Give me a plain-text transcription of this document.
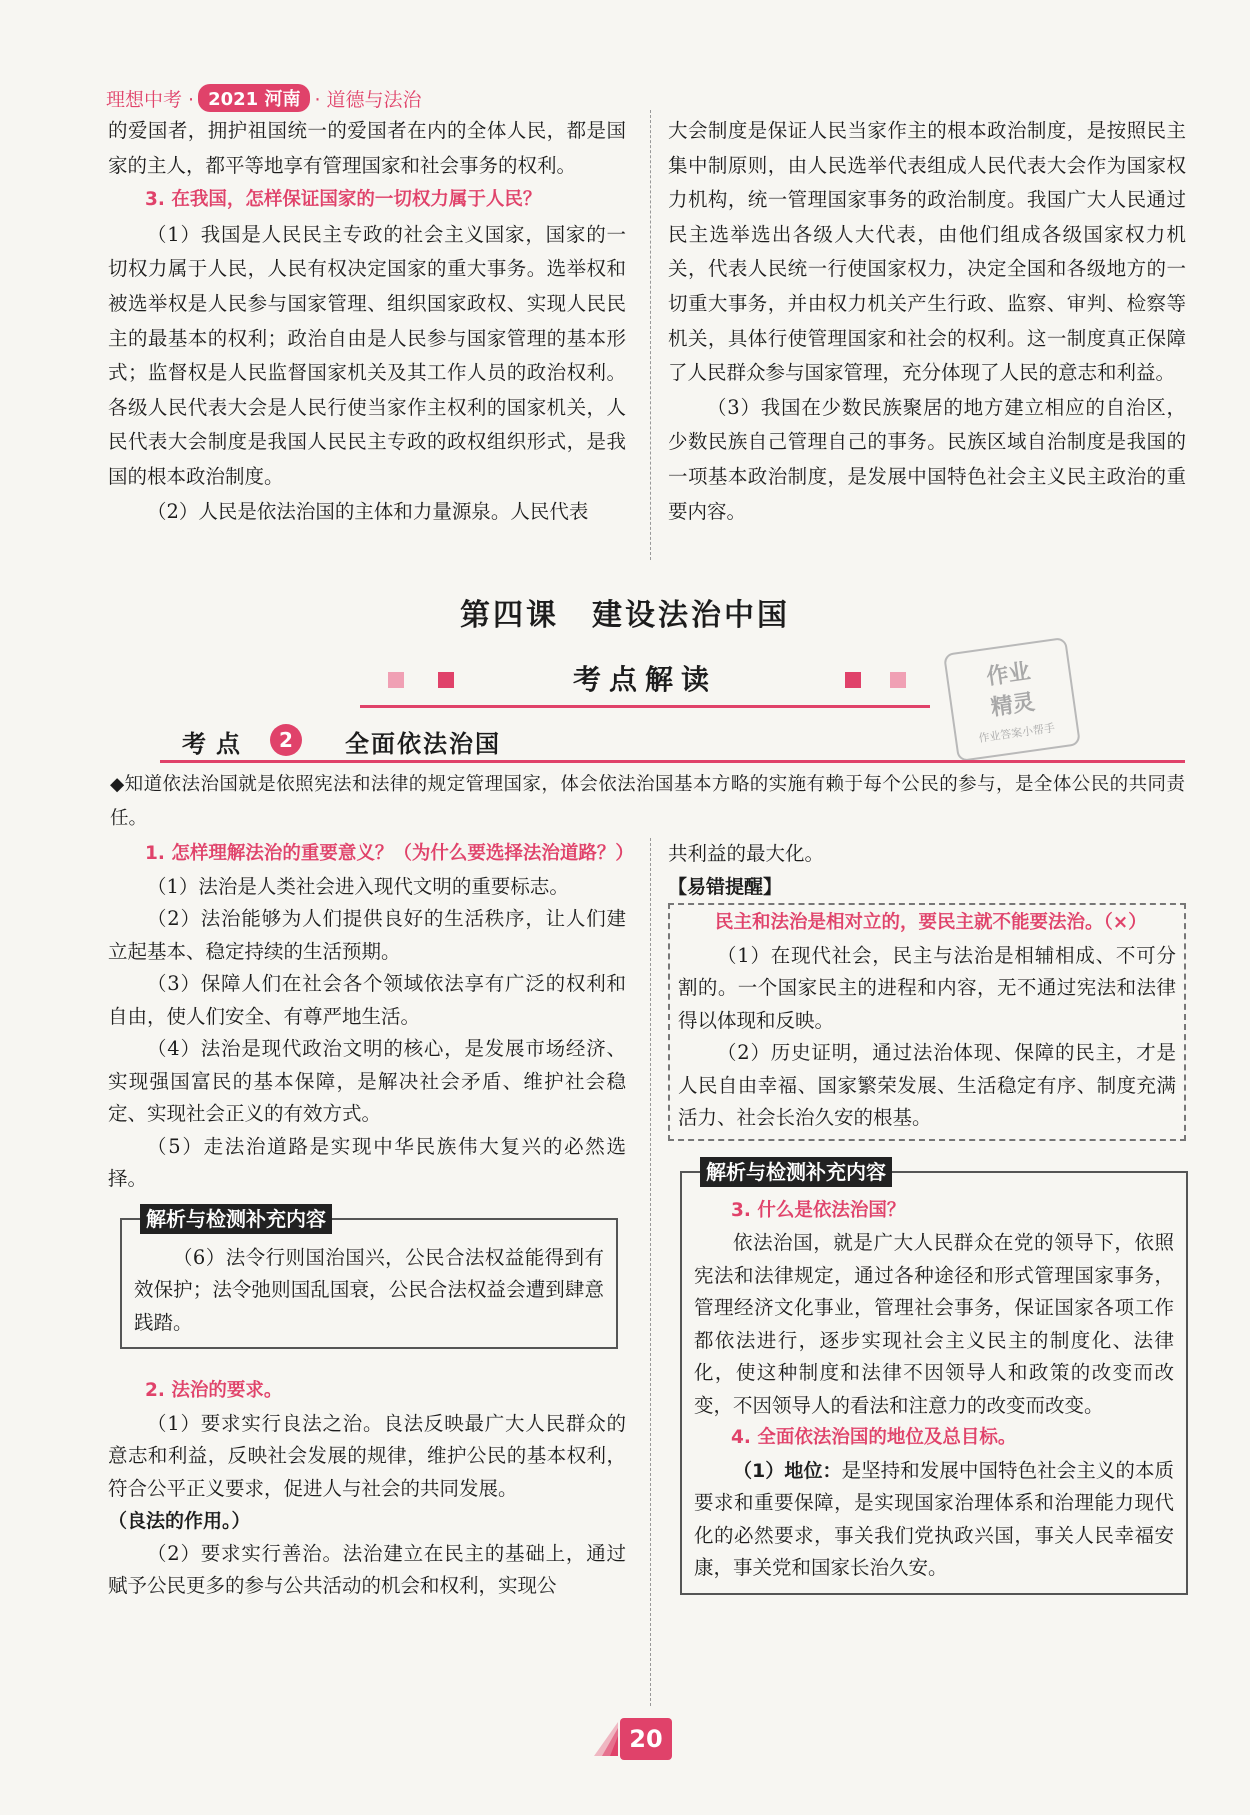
理想中考 · 2021 河南 · 道德与法治

的爱国者，拥护祖国统一的爱国者在内的全体人民，都是国家的主人，都平等地享有管理国家和社会事务的权利。

3. 在我国，怎样保证国家的一切权力属于人民？

（1）我国是人民民主专政的社会主义国家，国家的一切权力属于人民，人民有权决定国家的重大事务。选举权和被选举权是人民参与国家管理、组织国家政权、实现人民民主的最基本的权利；政治自由是人民参与国家管理的基本形式；监督权是人民监督国家机关及其工作人员的政治权利。各级人民代表大会是人民行使当家作主权利的国家机关，人民代表大会制度是我国人民民主专政的政权组织形式，是我国的根本政治制度。

（2）人民是依法治国的主体和力量源泉。人民代表

大会制度是保证人民当家作主的根本政治制度，是按照民主集中制原则，由人民选举代表组成人民代表大会作为国家权力机构，统一管理国家事务的政治制度。我国广大人民通过民主选举选出各级人大代表，由他们组成各级国家权力机关，代表人民统一行使国家权力，决定全国和各级地方的一切重大事务，并由权力机关产生行政、监察、审判、检察等机关，具体行使管理国家和社会的权利。这一制度真正保障了人民群众参与国家管理，充分体现了人民的意志和利益。

（3）我国在少数民族聚居的地方建立相应的自治区，少数民族自己管理自己的事务。民族区域自治制度是我国的一项基本政治制度，是发展中国特色社会主义民主政治的重要内容。

第四课　建设法治中国
考点解读	作业
精灵
作业答案小帮手
考点	2	全面依法治国
◆知道依法治国就是依照宪法和法律的规定管理国家，体会依法治国基本方略的实施有赖于每个公民的参与，是全体公民的共同责任。

1. 怎样理解法治的重要意义？（为什么要选择法治道路？）

（1）法治是人类社会进入现代文明的重要标志。

（2）法治能够为人们提供良好的生活秩序，让人们建立起基本、稳定持续的生活预期。

（3）保障人们在社会各个领域依法享有广泛的权利和自由，使人们安全、有尊严地生活。

（4）法治是现代政治文明的核心，是发展市场经济、实现强国富民的基本保障，是解决社会矛盾、维护社会稳定、实现社会正义的有效方式。

（5）走法治道路是实现中华民族伟大复兴的必然选择。

解析与检测补充内容

（6）法令行则国治国兴，公民合法权益能得到有效保护；法令弛则国乱国衰，公民合法权益会遭到肆意践踏。

2. 法治的要求。

（1）要求实行良法之治。良法反映最广大人民群众的意志和利益，反映社会发展的规律，维护公民的基本权利，符合公平正义要求，促进人与社会的共同发展。

（良法的作用。）

（2）要求实行善治。法治建立在民主的基础上，通过赋予公民更多的参与公共活动的机会和权利，实现公

共利益的最大化。

【易错提醒】

民主和法治是相对立的，要民主就不能要法治。（×）

（1）在现代社会，民主与法治是相辅相成、不可分割的。一个国家民主的进程和内容，无不通过宪法和法律得以体现和反映。

（2）历史证明，通过法治体现、保障的民主，才是人民自由幸福、国家繁荣发展、生活稳定有序、制度充满活力、社会长治久安的根基。

解析与检测补充内容

3. 什么是依法治国？

依法治国，就是广大人民群众在党的领导下，依照宪法和法律规定，通过各种途径和形式管理国家事务，管理经济文化事业，管理社会事务，保证国家各项工作都依法进行，逐步实现社会主义民主的制度化、法律化，使这种制度和法律不因领导人和政策的改变而改变，不因领导人的看法和注意力的改变而改变。

4. 全面依法治国的地位及总目标。

（1）地位：是坚持和发展中国特色社会主义的本质要求和重要保障，是实现国家治理体系和治理能力现代化的必然要求，事关我们党执政兴国，事关人民幸福安康，事关党和国家长治久安。

20
